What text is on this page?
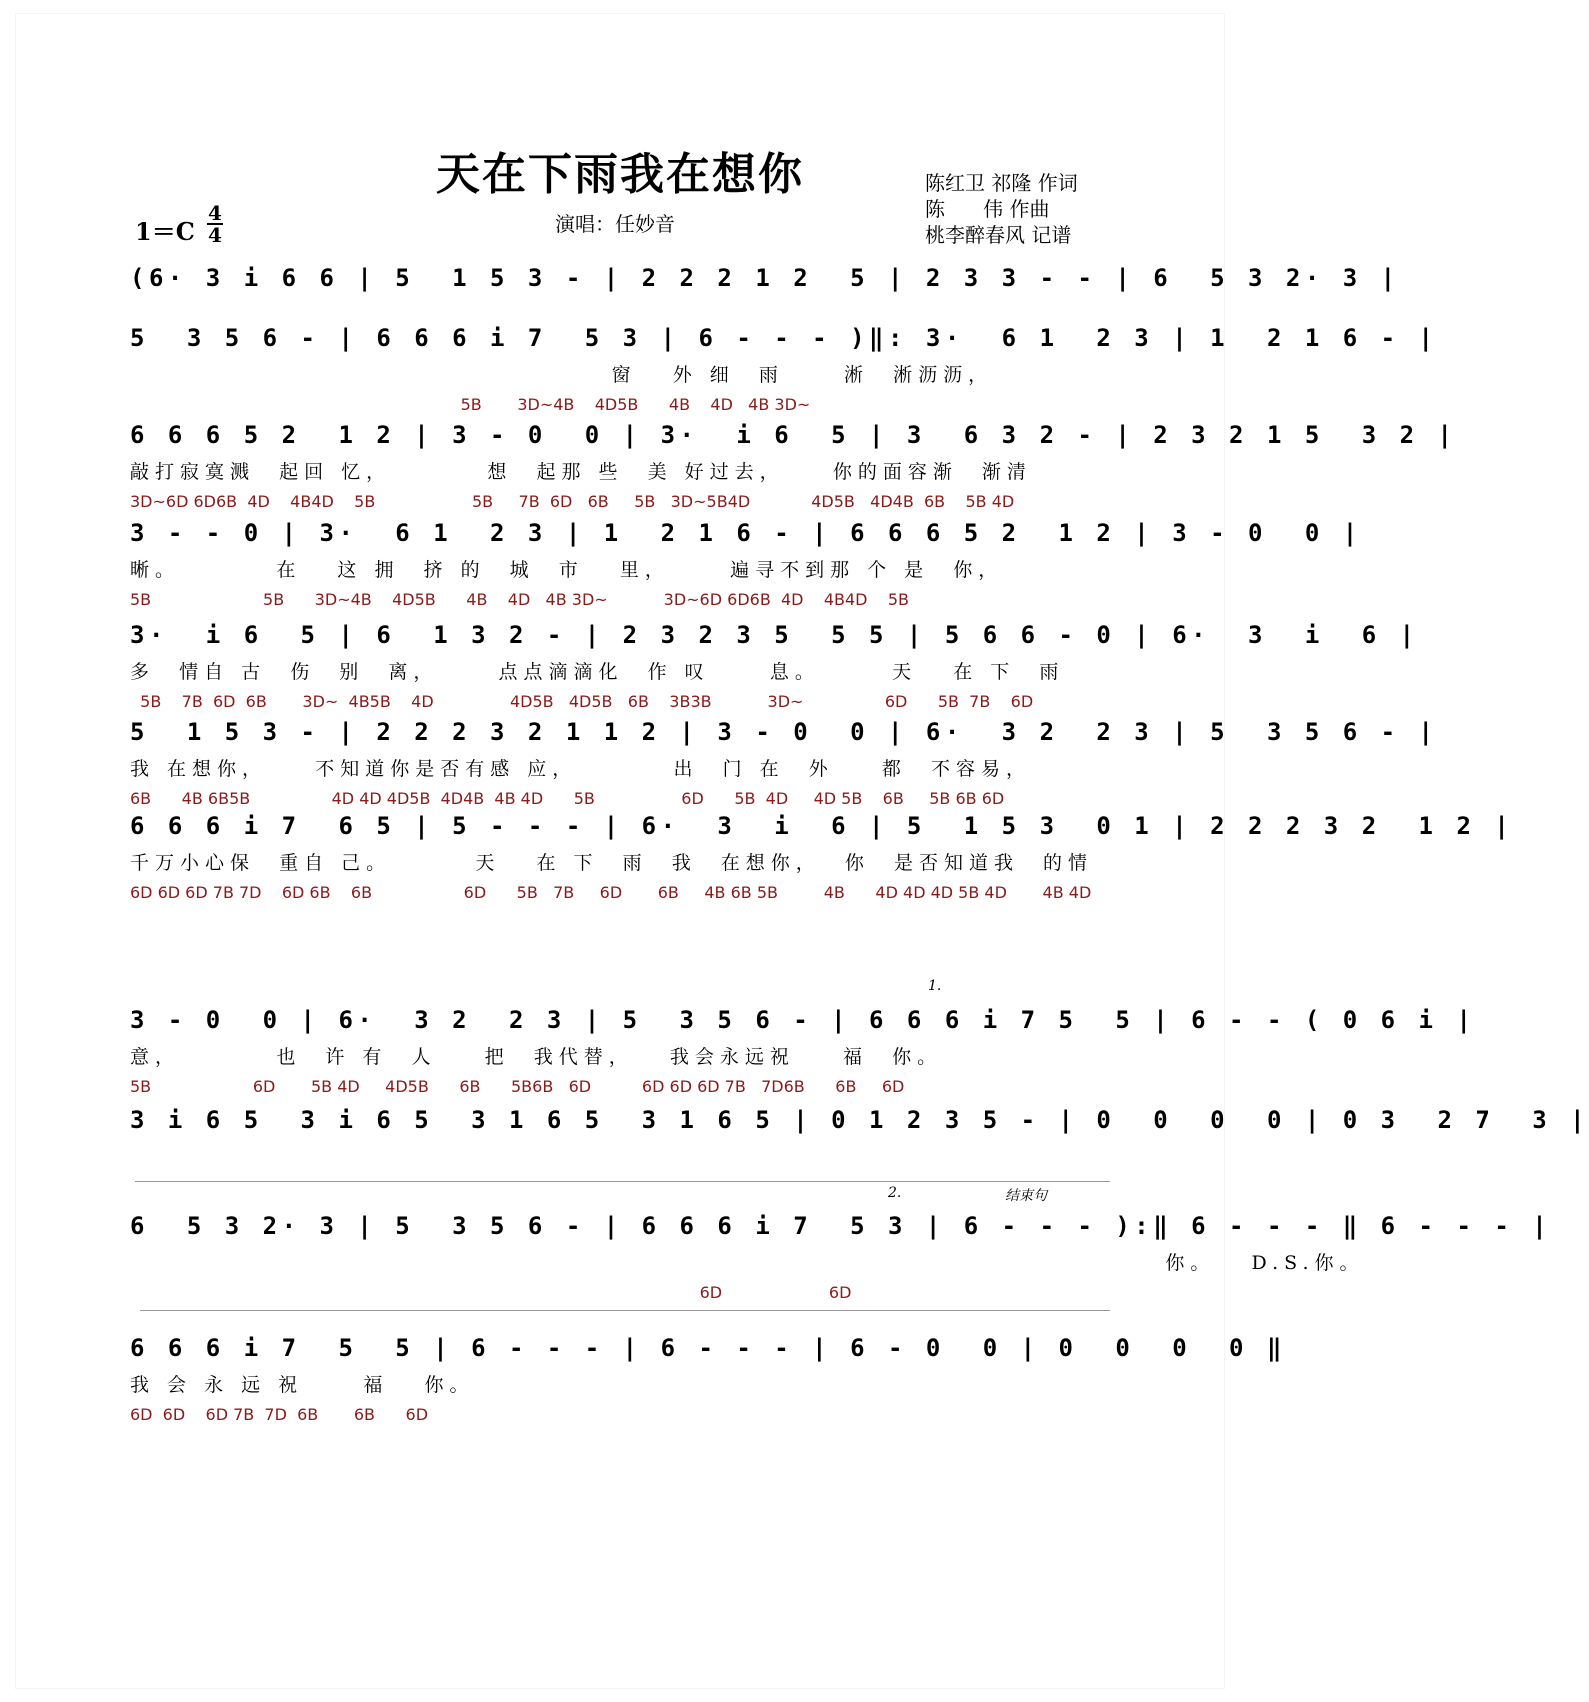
天在下雨我在想你	陈红卫 祁隆 作词
陈      伟 作曲
桃李醉春风 记谱
演唱：任妙音
1＝C
4
4
(6· 3 i 6 6 | 5  1 5 3 - | 2 2 2 1 2  5 | 2 3 3 - - | 6  5 3 2· 3 |
5  3 5 6 - | 6 6 6 i 7  5 3 | 6 - - - )‖: 3·  6 1  2 3 | 1  2 1 6 - |
窗   外 细  雨     淅  淅沥沥，
5B       3D~4B    4D5B      4B    4D   4B 3D~
6 6 6 5 2  1 2 | 3 - 0  0 | 3·  i 6  5 | 3  6 3 2 - | 2 3 2 1 5  3 2 |
敲打寂寞溅  起回 忆，        想  起那 些  美 好过去，    你的面容渐  渐清
3D~6D 6D6B  4D    4B4D    5B                   5B     7B  6D   6B     5B   3D~5B4D            4D5B   4D4B  6B    5B 4D
3 - - 0 | 3·  6 1  2 3 | 1  2 1 6 - | 6 6 6 5 2  1 2 | 3 - 0  0 |
晰。        在   这 拥  挤 的  城  市   里，     遍寻不到那 个 是  你，
5B                      5B      3D~4B    4D5B      4B    4D   4B 3D~           3D~6D 6D6B  4D    4B4D    5B
3·  i 6  5 | 6  1 3 2 - | 2 3 2 3 5  5 5 | 5 6 6 - 0 | 6·  3  i  6 |
多  情自 古  伤  别  离，     点点滴滴化  作 叹     息。      天   在 下  雨
5B    7B  6D  6B       3D~  4B5B    4D               4D5B   4D5B   6B    3B3B           3D~                6D      5B  7B    6D
5  1 5 3 - | 2 2 2 3 2 1 1 2 | 3 - 0  0 | 6·  3 2  2 3 | 5  3 5 6 - |
我 在想你，    不知道你是否有感 应，        出  门 在  外    都  不容易，
6B      4B 6B5B                4D 4D 4D5B  4D4B  4B 4D      5B                 6D      5B  4D     4D 5B    6B     5B 6B 6D
6 6 6 i 7  6 5 | 5 - - - | 6·  3  i  6 | 5  1 5 3  0 1 | 2 2 2 3 2  1 2 |
千万小心保  重自 己。       天   在 下  雨  我  在想你，  你  是否知道我  的情
6D 6D 6D 7B 7D    6D 6B    6B                  6D      5B   7B     6D       6B     4B 6B 5B         4B      4D 4D 4D 5B 4D       4B 4D
1.
3 - 0  0 | 6·  3 2  2 3 | 5  3 5 6 - | 6 6 6 i 7 5  5 | 6 - - ( 0 6 i |
意，        也  许 有  人    把  我代替，   我会永远祝    福  你。
5B                    6D       5B 4D     4D5B      6B      5B6B   6D          6D 6D 6D 7B   7D6B      6B     6D
3 i 6 5  3 i 6 5  3 1 6 5  3 1 6 5 | 0 1 2 3 5 - | 0  0  0  0 | 0 3  2 7  3 |
2.	结束句
6  5 3 2· 3 | 5  3 5 6 - | 6 6 6 i 7  5 3 | 6 - - - ):‖ 6 - - - ‖ 6 - - - |
你。   D.S.你。
6D                     6D
6 6 6 i 7  5  5 | 6 - - - | 6 - - - | 6 - 0  0 | 0  0  0  0 ‖
我 会 永 远 祝     福   你。
6D  6D    6D 7B  7D  6B       6B      6D
